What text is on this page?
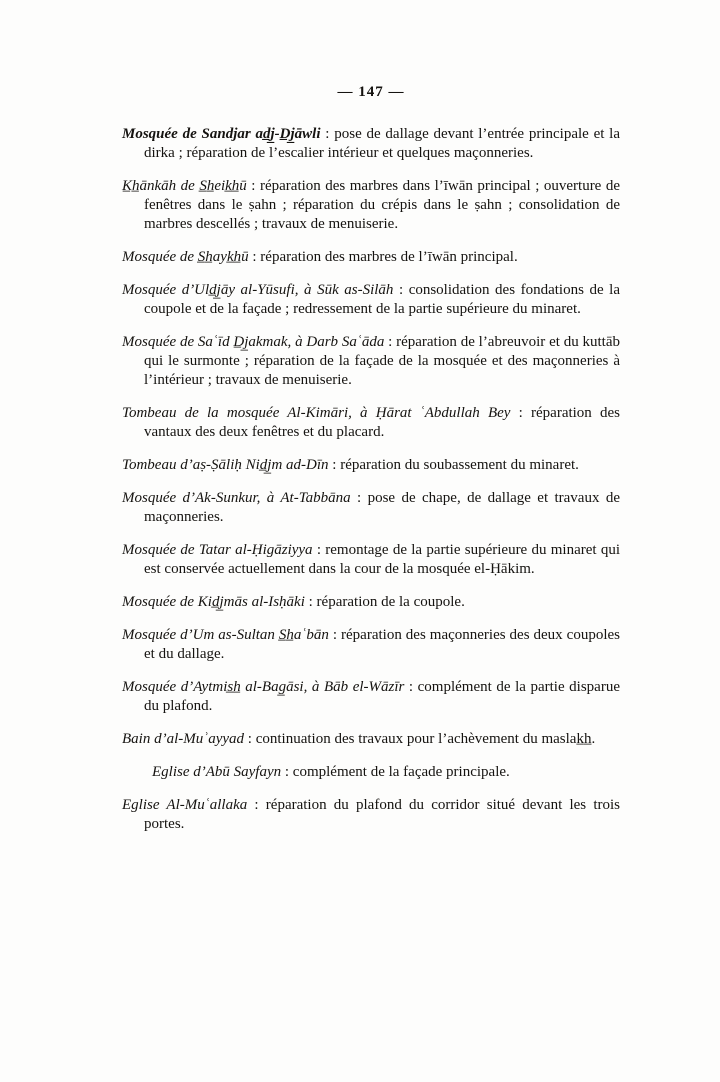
— 147 —

Mosquée de Sandjar ad̲j̲-D̲j̲āwli : pose de dallage devant l’entrée principale et la dirka ; réparation de l’escalier intérieur et quelques maçonneries.

K̲h̲ānkāh de S̲h̲eik̲h̲ū : réparation des marbres dans l’īwān principal ; ouverture de fenêtres dans le ṣahn ; réparation du crépis dans le ṣahn ; consolidation de marbres descellés ; travaux de menuiserie.

Mosquée de S̲h̲ayk̲h̲ū : réparation des marbres de l’īwān principal.

Mosquée d’Uld̲j̲āy al-Yūsufi, à Sūk as-Silāh : consolidation des fondations de la coupole et de la façade ; redressement de la partie supérieure du minaret.

Mosquée de Saʿīd D̲j̲akmak, à Darb Saʿāda : réparation de l’abreuvoir et du kuttāb qui le surmonte ; réparation de la façade de la mosquée et des maçonneries à l’intérieur ; travaux de menuiserie.

Tombeau de la mosquée Al-Kimāri, à Ḥārat ʿAbdullah Bey : réparation des vantaux des deux fenêtres et du placard.

Tombeau d’aṣ-Ṣāliḥ Nid̲j̲m ad-Dīn : réparation du soubassement du minaret.

Mosquée d’Ak-Sunkur, à At-Tabbāna : pose de chape, de dallage et travaux de maçonneries.

Mosquée de Tatar al-Ḥigāziyya : remontage de la partie supérieure du minaret qui est conservée actuellement dans la cour de la mosquée el-Ḥākim.

Mosquée de Kid̲j̲mās al-Isḥāki : réparation de la coupole.

Mosquée d’Um as-Sultan S̲h̲aʿbān : réparation des maçonneries des deux coupoles et du dallage.

Mosquée d’Aytmis̲h̲ al-Bag̲āsi, à Bāb el-Wāzīr : complément de la partie disparue du plafond.

Bain d’al-Muʾayyad : continuation des travaux pour l’achèvement du maslak̲h̲.

Eglise d’Abū Sayfayn : complément de la façade principale.

Eglise Al-Muʿallaka : réparation du plafond du corridor situé devant les trois portes.
